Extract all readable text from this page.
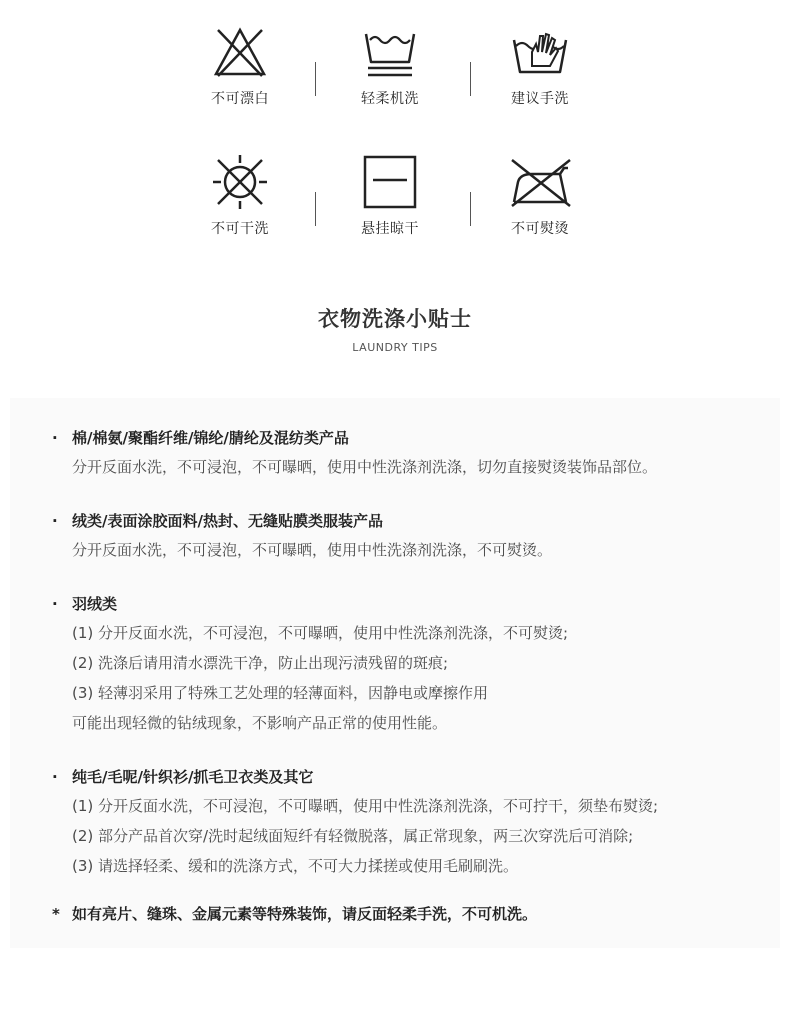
不可漂白	轻柔机洗	建议手洗
不可干洗	悬挂晾干	不可熨烫
衣物洗涤小贴士
LAUNDRY TIPS
· 棉/棉氨/聚酯纤维/锦纶/腈纶及混纺类产品
分开反面水洗，不可浸泡，不可曝晒，使用中性洗涤剂洗涤，切勿直接熨烫装饰品部位。
· 绒类/表面涂胶面料/热封、无缝贴膜类服装产品
分开反面水洗，不可浸泡，不可曝晒，使用中性洗涤剂洗涤，不可熨烫。
· 羽绒类
(1) 分开反面水洗，不可浸泡，不可曝晒，使用中性洗涤剂洗涤，不可熨烫;
(2) 洗涤后请用清水漂洗干净，防止出现污渍残留的斑痕;
(3) 轻薄羽采用了特殊工艺处理的轻薄面料，因静电或摩擦作用
可能出现轻微的钻绒现象，不影响产品正常的使用性能。
· 纯毛/毛呢/针织衫/抓毛卫衣类及其它
(1) 分开反面水洗，不可浸泡，不可曝晒，使用中性洗涤剂洗涤，不可拧干，须垫布熨烫;
(2) 部分产品首次穿/洗时起绒面短纤有轻微脱落，属正常现象，两三次穿洗后可消除;
(3) 请选择轻柔、缓和的洗涤方式，不可大力揉搓或使用毛刷刷洗。
* 如有亮片、缝珠、金属元素等特殊装饰，请反面轻柔手洗，不可机洗。
